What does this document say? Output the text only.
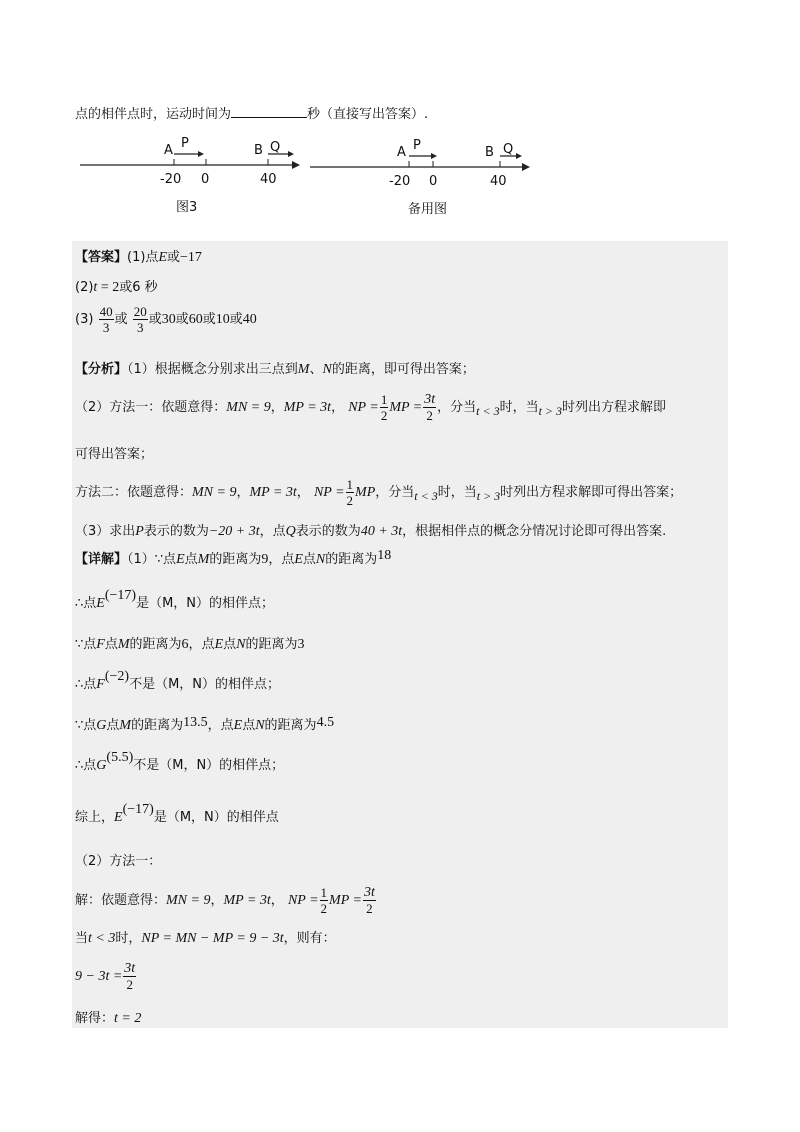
点的相伴点时，运动时间为	秒（直接写出答案）.
A P	B Q
-20 0	40
图3
A P	B Q
-20 0	40
备用图
【答案】(1)点E或−17
(2)t = 2或6 秒
$(3) \frac{40}{3}$ 或 $\frac{20}{3}$ 或30或60或10或40
【分析】（1）根据概念分别求出三点到M、N的距离，即可得出答案；
（2）方法一：依题意得：MN = 9，MP = 3t， NP = $\frac{1}{2}$ MP = $\frac{3t}{2}$ ，分当t < 3时，当t > 3时列出方程求解即
可得出答案；
方法二：依题意得：MN = 9，MP = 3t， NP = $\frac{1}{2}$ MP，分当t < 3时，当t > 3时列出方程求解即可得出答案；
（3）求出P表示的数为−20 + 3t，点Q表示的数为40 + 3t，根据相伴点的概念分情况讨论即可得出答案.
【详解】（1）∵点E点M的距离为9，点E点N的距离为18
∴点E(−17)是（M，N）的相伴点；
∵点F点M的距离为6，点E点N的距离为3
∴点F(−2)不是（M，N）的相伴点；
∵点G点M的距离为13.5，点E点N的距离为4.5
∴点G(5.5)不是（M，N）的相伴点；
综上，E(−17)是（M，N）的相伴点
（2）方法一：
解：依题意得：MN = 9，MP = 3t， NP = $\frac{1}{2}$ MP = $\frac{3t}{2}$
当t < 3时，NP = MN − MP = 9 − 3t，则有：
$9 - 3t = \frac{3t}{2}$
解得：t = 2
